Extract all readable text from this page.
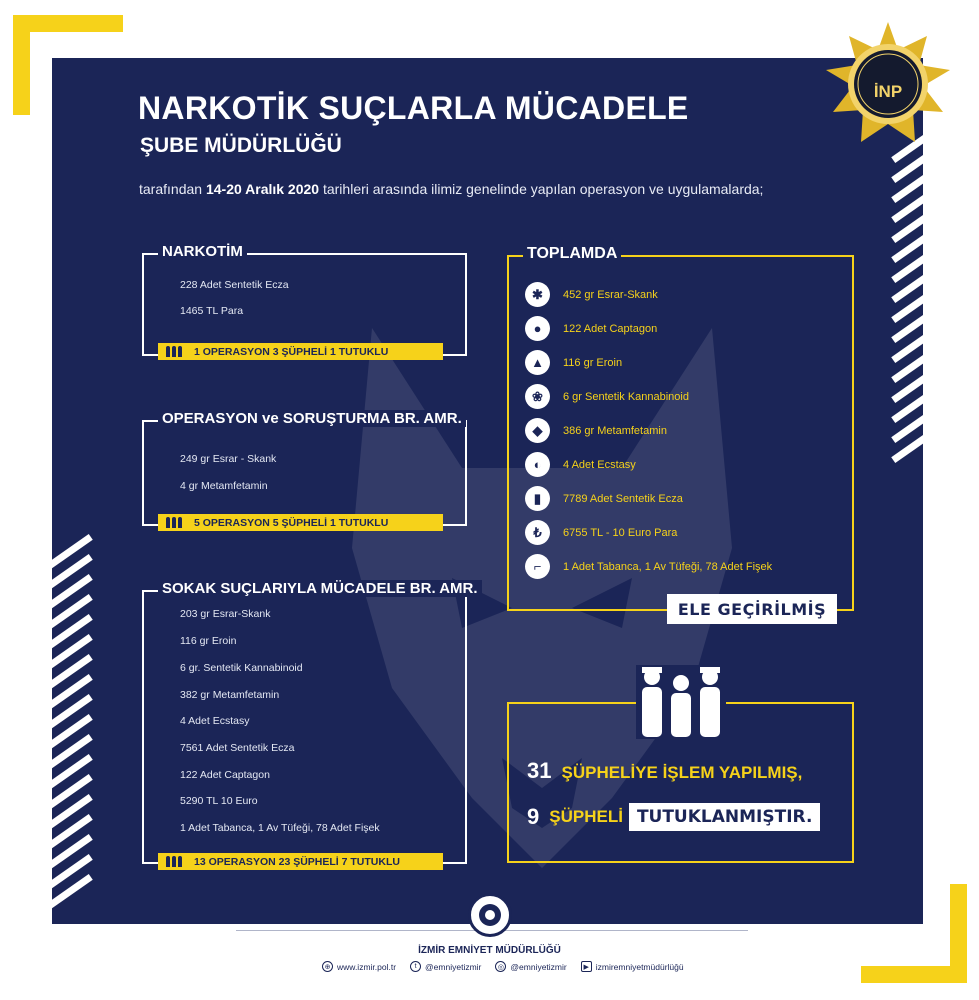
İNP
NARKOTİK SUÇLARLA MÜCADELE
ŞUBE MÜDÜRLÜĞÜ
tarafından 14-20 Aralık 2020 tarihleri arasında ilimiz genelinde yapılan operasyon ve uygulamalarda;
NARKOTİM
228 Adet Sentetik Ecza
1465 TL Para
1 OPERASYON 3 ŞÜPHELİ 1 TUTUKLU
OPERASYON ve SORUŞTURMA BR. AMR.
249 gr Esrar - Skank
4 gr Metamfetamin
5 OPERASYON 5 ŞÜPHELİ 1 TUTUKLU
SOKAK SUÇLARIYLA MÜCADELE BR. AMR.
203 gr Esrar-Skank
116 gr Eroin
6 gr. Sentetik Kannabinoid
382 gr Metamfetamin
4 Adet Ecstasy
7561 Adet Sentetik Ecza
122 Adet Captagon
5290 TL 10 Euro
1 Adet Tabanca, 1 Av Tüfeği, 78 Adet Fişek
13 OPERASYON 23 ŞÜPHELİ 7 TUTUKLU
TOPLAMDA
✱	452 gr Esrar-Skank
●	122 Adet Captagon
▲	116 gr Eroin
❀	6 gr Sentetik Kannabinoid
◆	386 gr Metamfetamin
◐	4 Adet Ecstasy
▮	7789 Adet Sentetik Ecza
₺	6755 TL - 10 Euro Para
⌐	1 Adet Tabanca, 1 Av Tüfeği, 78 Adet Fişek
ELE GEÇİRİLMİŞ
31 ŞÜPHELİYE İŞLEM YAPILMIŞ,
9 ŞÜPHELİ TUTUKLANMIŞTIR.
İZMİR EMNİYET MÜDÜRLÜĞÜ
⊕ www.izmir.pol.tr	t	@emniyetizmir	◎ @emniyetizmir	▶ izmiremniyetmüdürlüğü
